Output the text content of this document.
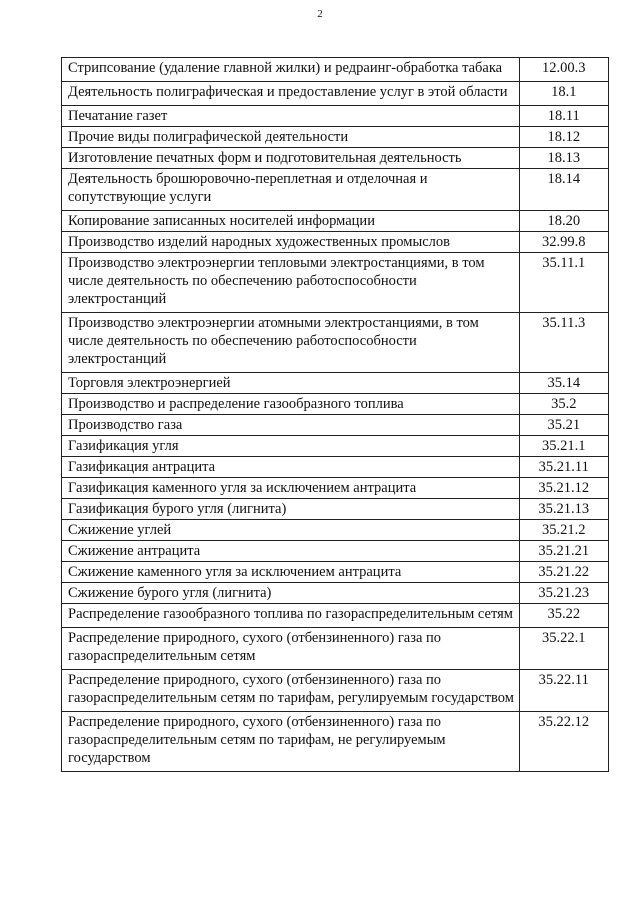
2
Стрипсование (удаление главной жилки) и редраинг-обработка табака	12.00.3
Деятельность полиграфическая и предоставление услуг в этой области	18.1
Печатание газет	18.11
Прочие виды полиграфической деятельности	18.12
Изготовление печатных форм и подготовительная деятельность	18.13
Деятельность брошюровочно-переплетная и отделочная и сопутствующие услуги	18.14
Копирование записанных носителей информации	18.20
Производство изделий народных художественных промыслов	32.99.8
Производство электроэнергии тепловыми электростанциями, в том числе деятельность по обеспечению работоспособности электростанций	35.11.1
Производство электроэнергии атомными электростанциями, в том числе деятельность по обеспечению работоспособности электростанций	35.11.3
Торговля электроэнергией	35.14
Производство и распределение газообразного топлива	35.2
Производство газа	35.21
Газификация угля	35.21.1
Газификация антрацита	35.21.11
Газификация каменного угля за исключением антрацита	35.21.12
Газификация бурого угля (лигнита)	35.21.13
Сжижение углей	35.21.2
Сжижение антрацита	35.21.21
Сжижение каменного угля за исключением антрацита	35.21.22
Сжижение бурого угля (лигнита)	35.21.23
Распределение газообразного топлива по газораспределительным сетям	35.22
Распределение природного, сухого (отбензиненного) газа по газораспределительным сетям	35.22.1
Распределение природного, сухого (отбензиненного) газа по газораспределительным сетям по тарифам, регулируемым государством	35.22.11
Распределение природного, сухого (отбензиненного) газа по газораспределительным сетям по тарифам, не регулируемым государством	35.22.12
